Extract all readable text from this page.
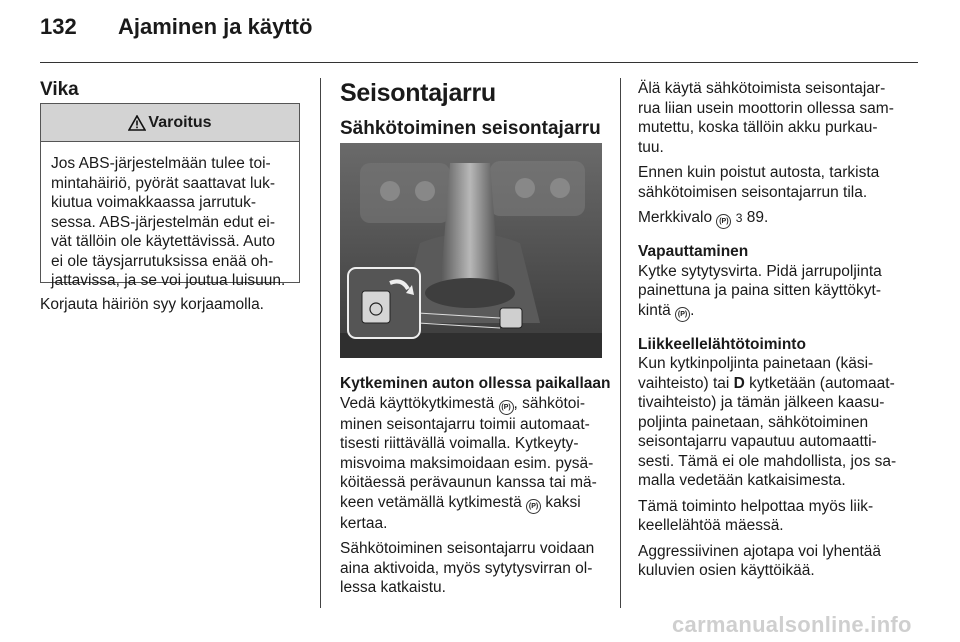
132 Ajaminen ja käyttö
Vika
Varoitus

Jos ABS-järjestelmään tulee toi-

mintahäiriö, pyörät saattavat luk-

kiutua voimakkaassa jarrutuk-

sessa. ABS-järjestelmän edut ei-

vät tällöin ole käytettävissä. Auto

ei ole täysjarrutuksissa enää oh-

jattavissa, ja se voi joutua luisuun.

Korjauta häiriön syy korjaamolla.

Seisontajarru
Sähkötoiminen seisontajarru

Kytkeminen auton ollessa paikallaan

Vedä käyttökytkimestä (P) , sähkötoi-

minen seisontajarru toimii automaat-

tisesti riittävällä voimalla. Kytkeyty-

misvoima maksimoidaan esim. pysä-

köitäessä perävaunun kanssa tai mä-

keen vetämällä kytkimestä (P) kaksi

kertaa.

Sähkötoiminen seisontajarru voidaan

aina aktivoida, myös sytytysvirran ol-

lessa katkaistu.

Älä käytä sähkötoimista seisontajar-

rua liian usein moottorin ollessa sam-

mutettu, koska tällöin akku purkau-

tuu.

Ennen kuin poistut autosta, tarkista

sähkötoimisen seisontajarrun tila.

Merkkivalo (P) 3 89.

Vapauttaminen

Kytke sytytysvirta. Pidä jarrupoljinta

painettuna ja paina sitten käyttökyt-

kintä (P) .

Liikkeellelähtötoiminto

Kun kytkinpoljinta painetaan (käsi-

vaihteisto) tai D kytketään (automaat-

tivaihteisto) ja tämän jälkeen kaasu-

poljinta painetaan, sähkötoiminen

seisontajarru vapautuu automaatti-

sesti. Tämä ei ole mahdollista, jos sa-

malla vedetään katkaisimesta.

Tämä toiminto helpottaa myös liik-

keellelähtöä mäessä.

Aggressiivinen ajotapa voi lyhentää

kuluvien osien käyttöikää.

carmanualsonline.info
